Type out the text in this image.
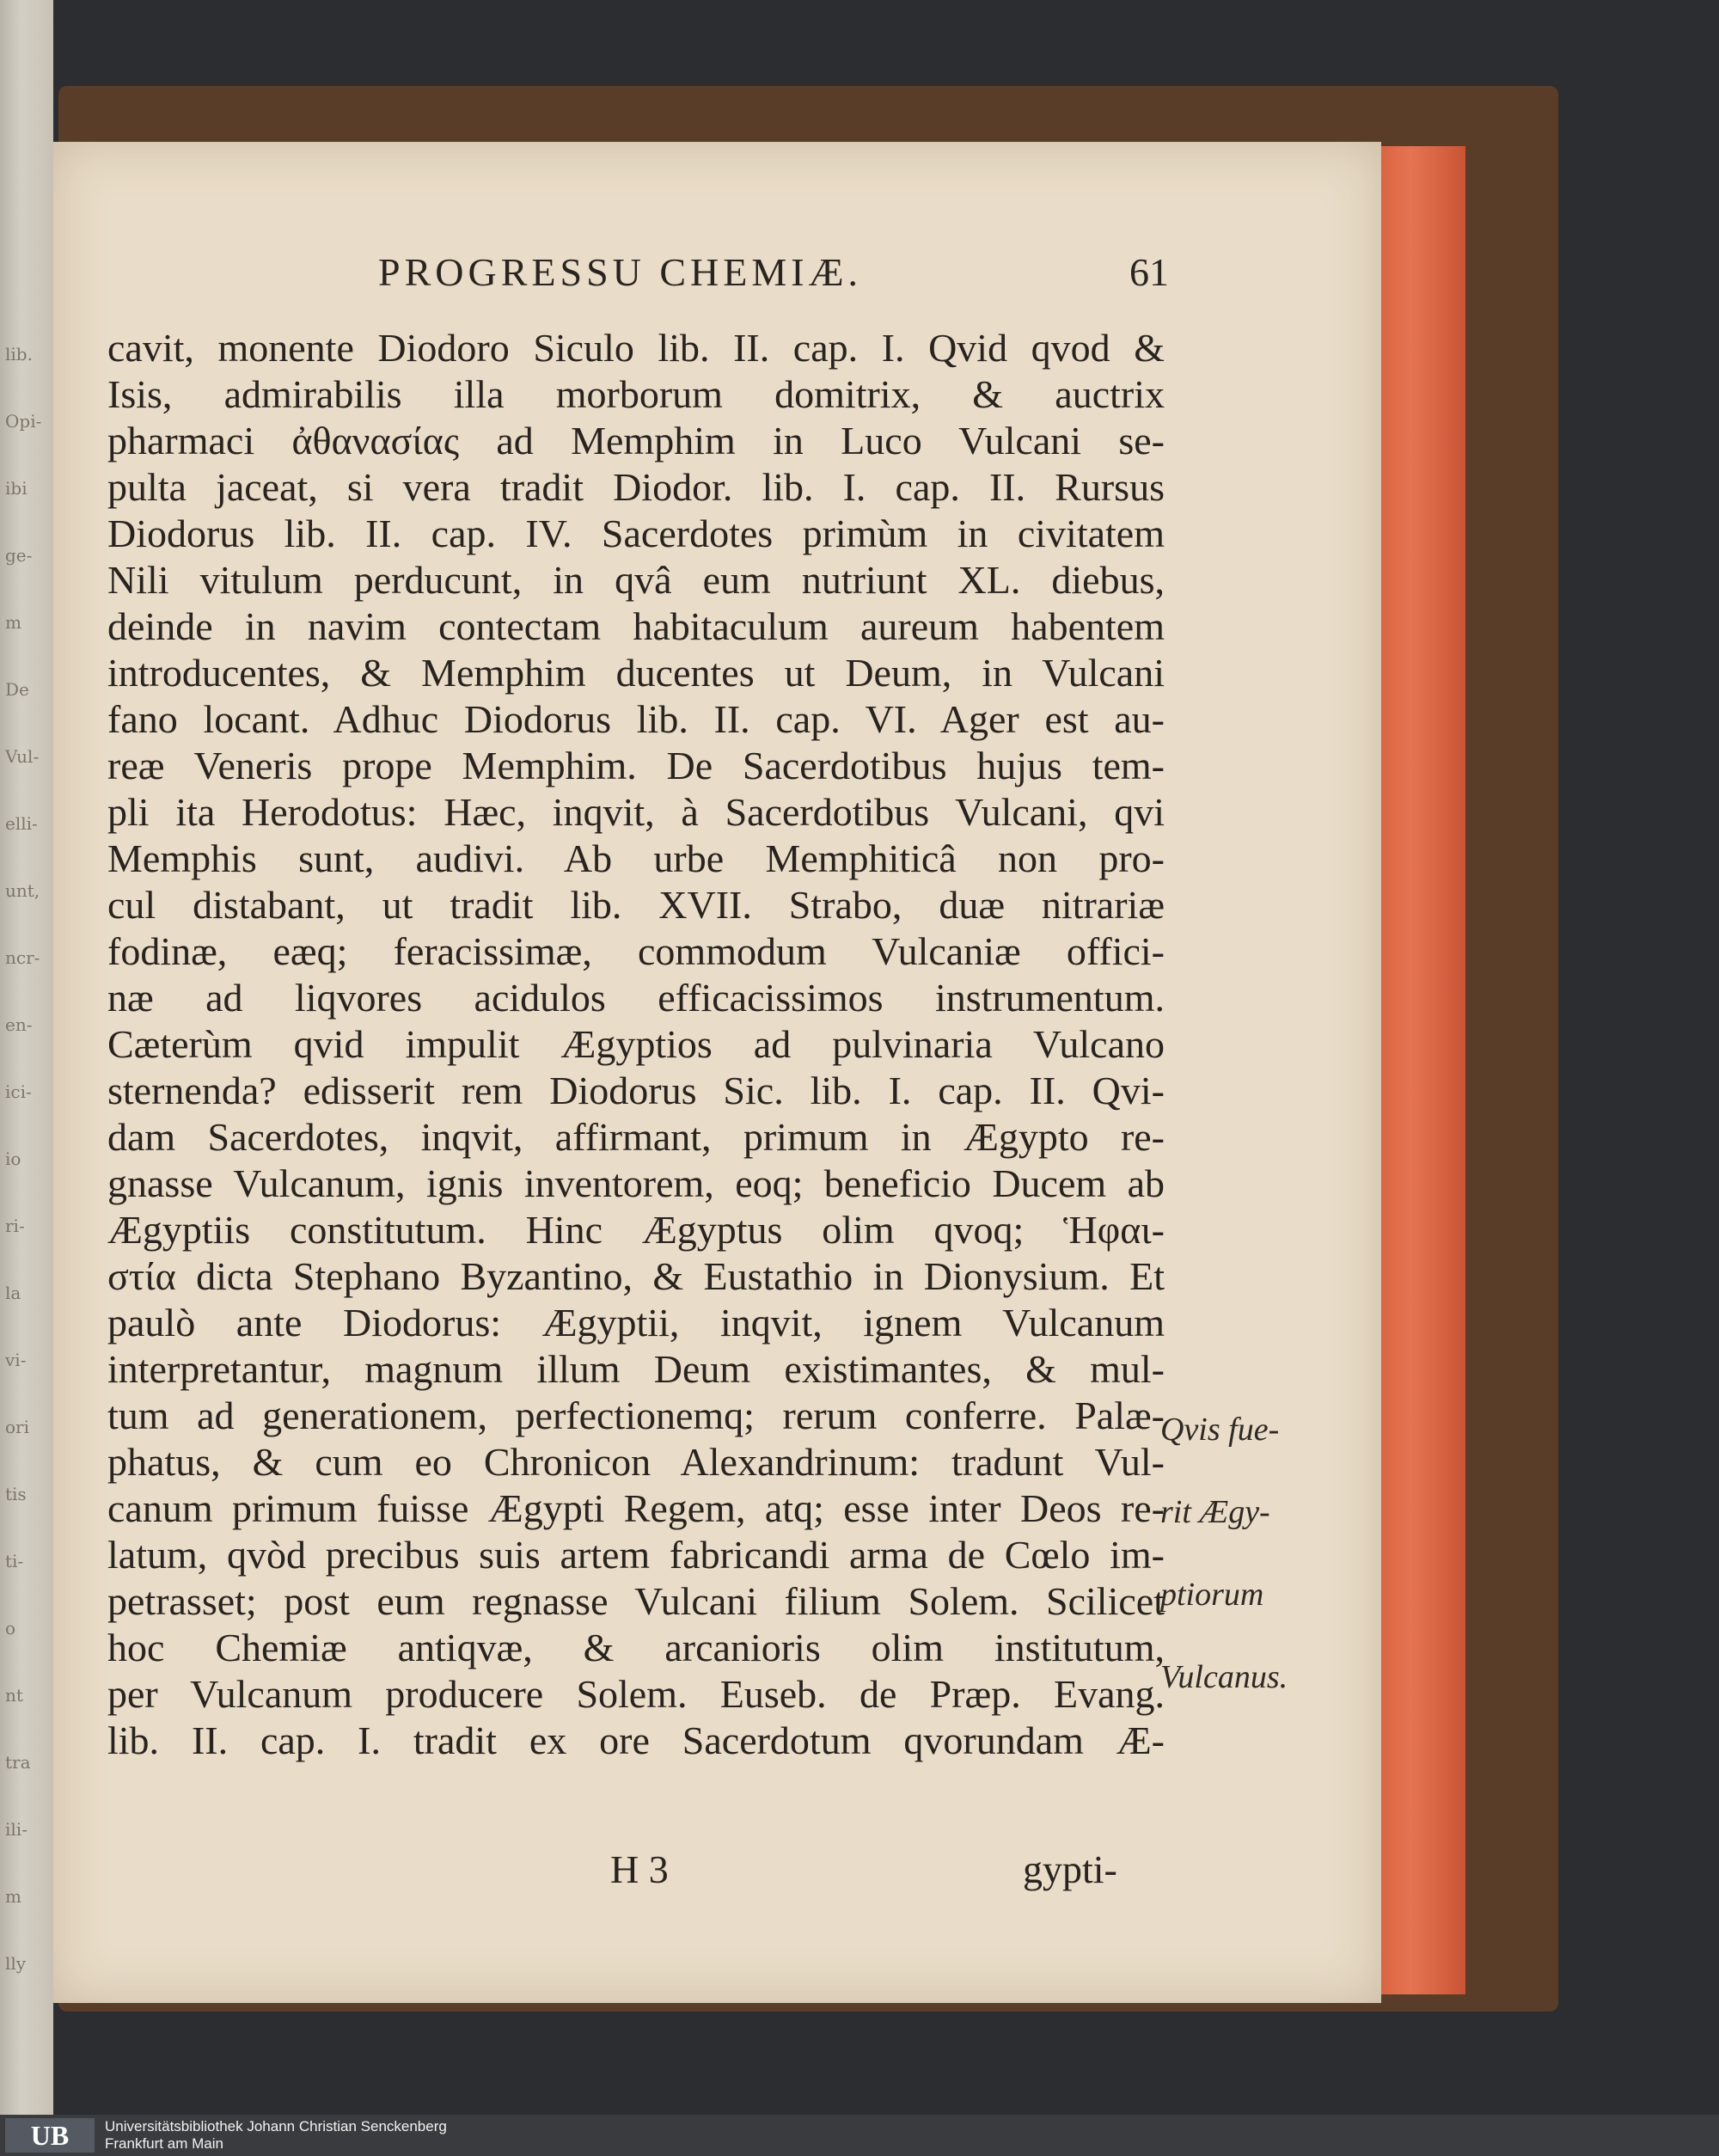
lib.
Opi-
ibi
ge-
m
De
Vul-
elli-
unt,
ncr-
en-
ici-
io
ri-
la
vi-
ori
tis
ti-
o
nt
tra
ili-
m
lly
PROGRESSU CHEMIÆ.	61
cavit, monente Diodoro Siculo lib. II. cap. I. Qvid qvod &
Isis, admirabilis illa morborum domitrix, & auctrix
pharmaci ἀθανασίας ad Memphim in Luco Vulcani se-
pulta jaceat, si vera tradit Diodor. lib. I. cap. II. Rursus
Diodorus lib. II. cap. IV. Sacerdotes primùm in civitatem
Nili vitulum perducunt, in qvâ eum nutriunt XL. diebus,
deinde in navim contectam habitaculum aureum habentem
introducentes, & Memphim ducentes ut Deum, in Vulcani
fano locant. Adhuc Diodorus lib. II. cap. VI. Ager est au-
reæ Veneris prope Memphim. De Sacerdotibus hujus tem-
pli ita Herodotus: Hæc, inqvit, à Sacerdotibus Vulcani, qvi
Memphis sunt, audivi. Ab urbe Memphiticâ non pro-
cul distabant, ut tradit lib. XVII. Strabo, duæ nitrariæ
fodinæ, eæq; feracissimæ, commodum Vulcaniæ offici-
næ ad liqvores acidulos efficacissimos instrumentum.
Cæterùm qvid impulit Ægyptios ad pulvinaria Vulcano
sternenda? edisserit rem Diodorus Sic. lib. I. cap. II. Qvi-
dam Sacerdotes, inqvit, affirmant, primum in Ægypto re-
gnasse Vulcanum, ignis inventorem, eoq; beneficio Ducem ab
Ægyptiis constitutum. Hinc Ægyptus olim qvoq; Ἡφαι-
στία dicta Stephano Byzantino, & Eustathio in Dionysium. Et
paulò ante Diodorus: Ægyptii, inqvit, ignem Vulcanum
interpretantur, magnum illum Deum existimantes, & mul-
tum ad generationem, perfectionemq; rerum conferre. Palæ-
phatus, & cum eo Chronicon Alexandrinum: tradunt Vul-
canum primum fuisse Ægypti Regem, atq; esse inter Deos re-
latum, qvòd precibus suis artem fabricandi arma de Cœlo im-
petrasset; post eum regnasse Vulcani filium Solem. Scilicet
hoc Chemiæ antiqvæ, & arcanioris olim institutum,
per Vulcanum producere Solem. Euseb. de Præp. Evang.
lib. II. cap. I. tradit ex ore Sacerdotum qvorundam Æ-
Qvis fue-
rit Ægy-
ptiorum
Vulcanus.
H 3	gypti-
UB	Universitätsbibliothek Johann Christian Senckenberg
Frankfurt am Main
